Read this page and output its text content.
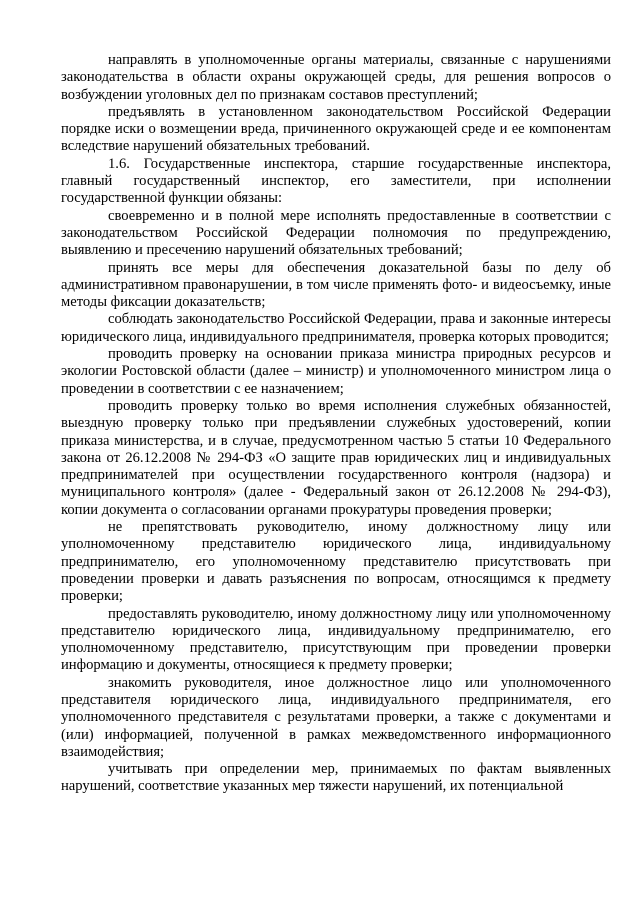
направлять в уполномоченные органы материалы, связанные с нарушениями законодательства в области охраны окружающей среды, для решения вопросов о возбуждении уголовных дел по признакам составов преступлений;

предъявлять в установленном законодательством Российской Федерации порядке иски о возмещении вреда, причиненного окружающей среде и ее компонентам вследствие нарушений обязательных требований.

1.6. Государственные инспектора, старшие государственные инспектора, главный государственный инспектор, его заместители, при исполнении государственной функции обязаны:

своевременно и в полной мере исполнять предоставленные в соответствии с законодательством Российской Федерации полномочия по предупреждению, выявлению и пресечению нарушений обязательных требований;

принять все меры для обеспечения доказательной базы по делу об административном правонарушении, в том числе применять фото- и видеосъемку, иные методы фиксации доказательств;

соблюдать законодательство Российской Федерации, права и законные интересы юридического лица, индивидуального предпринимателя, проверка которых проводится;

проводить проверку на основании приказа министра природных ресурсов и экологии Ростовской области (далее – министр) и уполномоченного министром лица о проведении в соответствии с ее назначением;

проводить проверку только во время исполнения служебных обязанностей, выездную проверку только при предъявлении служебных удостоверений, копии приказа министерства, и в случае, предусмотренном частью 5 статьи 10 Федерального закона от 26.12.2008 № 294-ФЗ «О защите прав юридических лиц и индивидуальных предпринимателей при осуществлении государственного контроля (надзора) и муниципального контроля» (далее - Федеральный закон от 26.12.2008 № 294-ФЗ), копии документа о согласовании органами прокуратуры проведения проверки;

не препятствовать руководителю, иному должностному лицу или уполномоченному представителю юридического лица, индивидуальному предпринимателю, его уполномоченному представителю присутствовать при проведении проверки и давать разъяснения по вопросам, относящимся к предмету проверки;

предоставлять руководителю, иному должностному лицу или уполномоченному представителю юридического лица, индивидуальному предпринимателю, его уполномоченному представителю, присутствующим при проведении проверки информацию и документы, относящиеся к предмету проверки;

знакомить руководителя, иное должностное лицо или уполномоченного представителя юридического лица, индивидуального предпринимателя, его уполномоченного представителя с результатами проверки, а также с документами и (или) информацией, полученной в рамках межведомственного информационного взаимодействия;

учитывать при определении мер, принимаемых по фактам выявленных нарушений, соответствие указанных мер тяжести нарушений, их потенциальной
